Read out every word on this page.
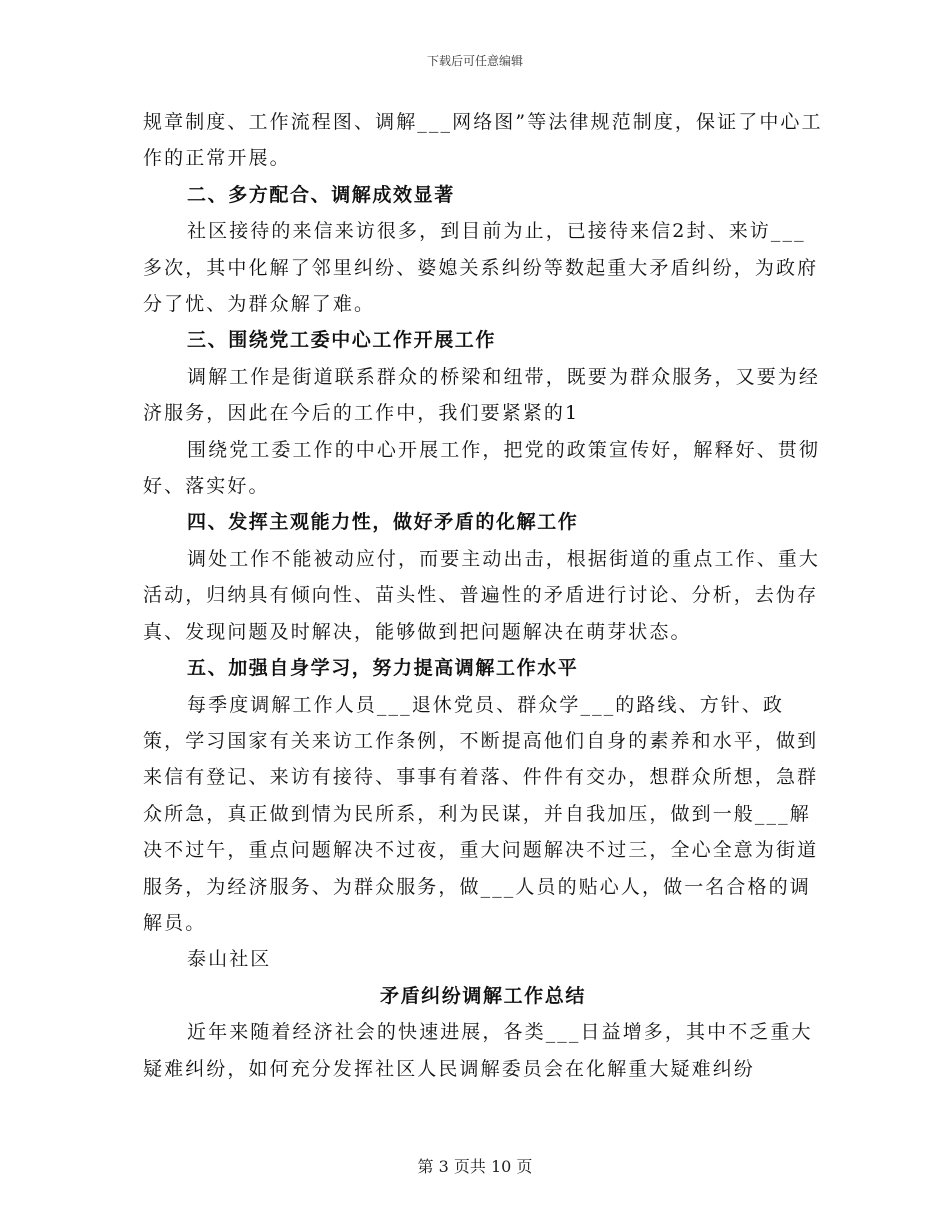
下载后可任意编辑

规章制度、工作流程图、调解___网络图”等法律规范制度，保证了中心工作的正常开展。

二、多方配合、调解成效显著

社区接待的来信来访很多，到目前为止，已接待来信2封、来访___多次，其中化解了邻里纠纷、婆媳关系纠纷等数起重大矛盾纠纷，为政府分了忧、为群众解了难。

三、围绕党工委中心工作开展工作

调解工作是街道联系群众的桥梁和纽带，既要为群众服务，又要为经济服务，因此在今后的工作中，我们要紧紧的1

围绕党工委工作的中心开展工作，把党的政策宣传好，解释好、贯彻好、落实好。

四、发挥主观能力性，做好矛盾的化解工作

调处工作不能被动应付，而要主动出击，根据街道的重点工作、重大活动，归纳具有倾向性、苗头性、普遍性的矛盾进行讨论、分析，去伪存真、发现问题及时解决，能够做到把问题解决在萌芽状态。

五、加强自身学习，努力提高调解工作水平

每季度调解工作人员___退休党员、群众学___的路线、方针、政策，学习国家有关来访工作条例，不断提高他们自身的素养和水平，做到来信有登记、来访有接待、事事有着落、件件有交办，想群众所想，急群众所急，真正做到情为民所系，利为民谋，并自我加压，做到一般___解决不过午，重点问题解决不过夜，重大问题解决不过三，全心全意为街道服务，为经济服务、为群众服务，做___人员的贴心人，做一名合格的调解员。

泰山社区

矛盾纠纷调解工作总结

近年来随着经济社会的快速进展，各类___日益增多，其中不乏重大疑难纠纷，如何充分发挥社区人民调解委员会在化解重大疑难纠纷

第 3 页共 10 页
